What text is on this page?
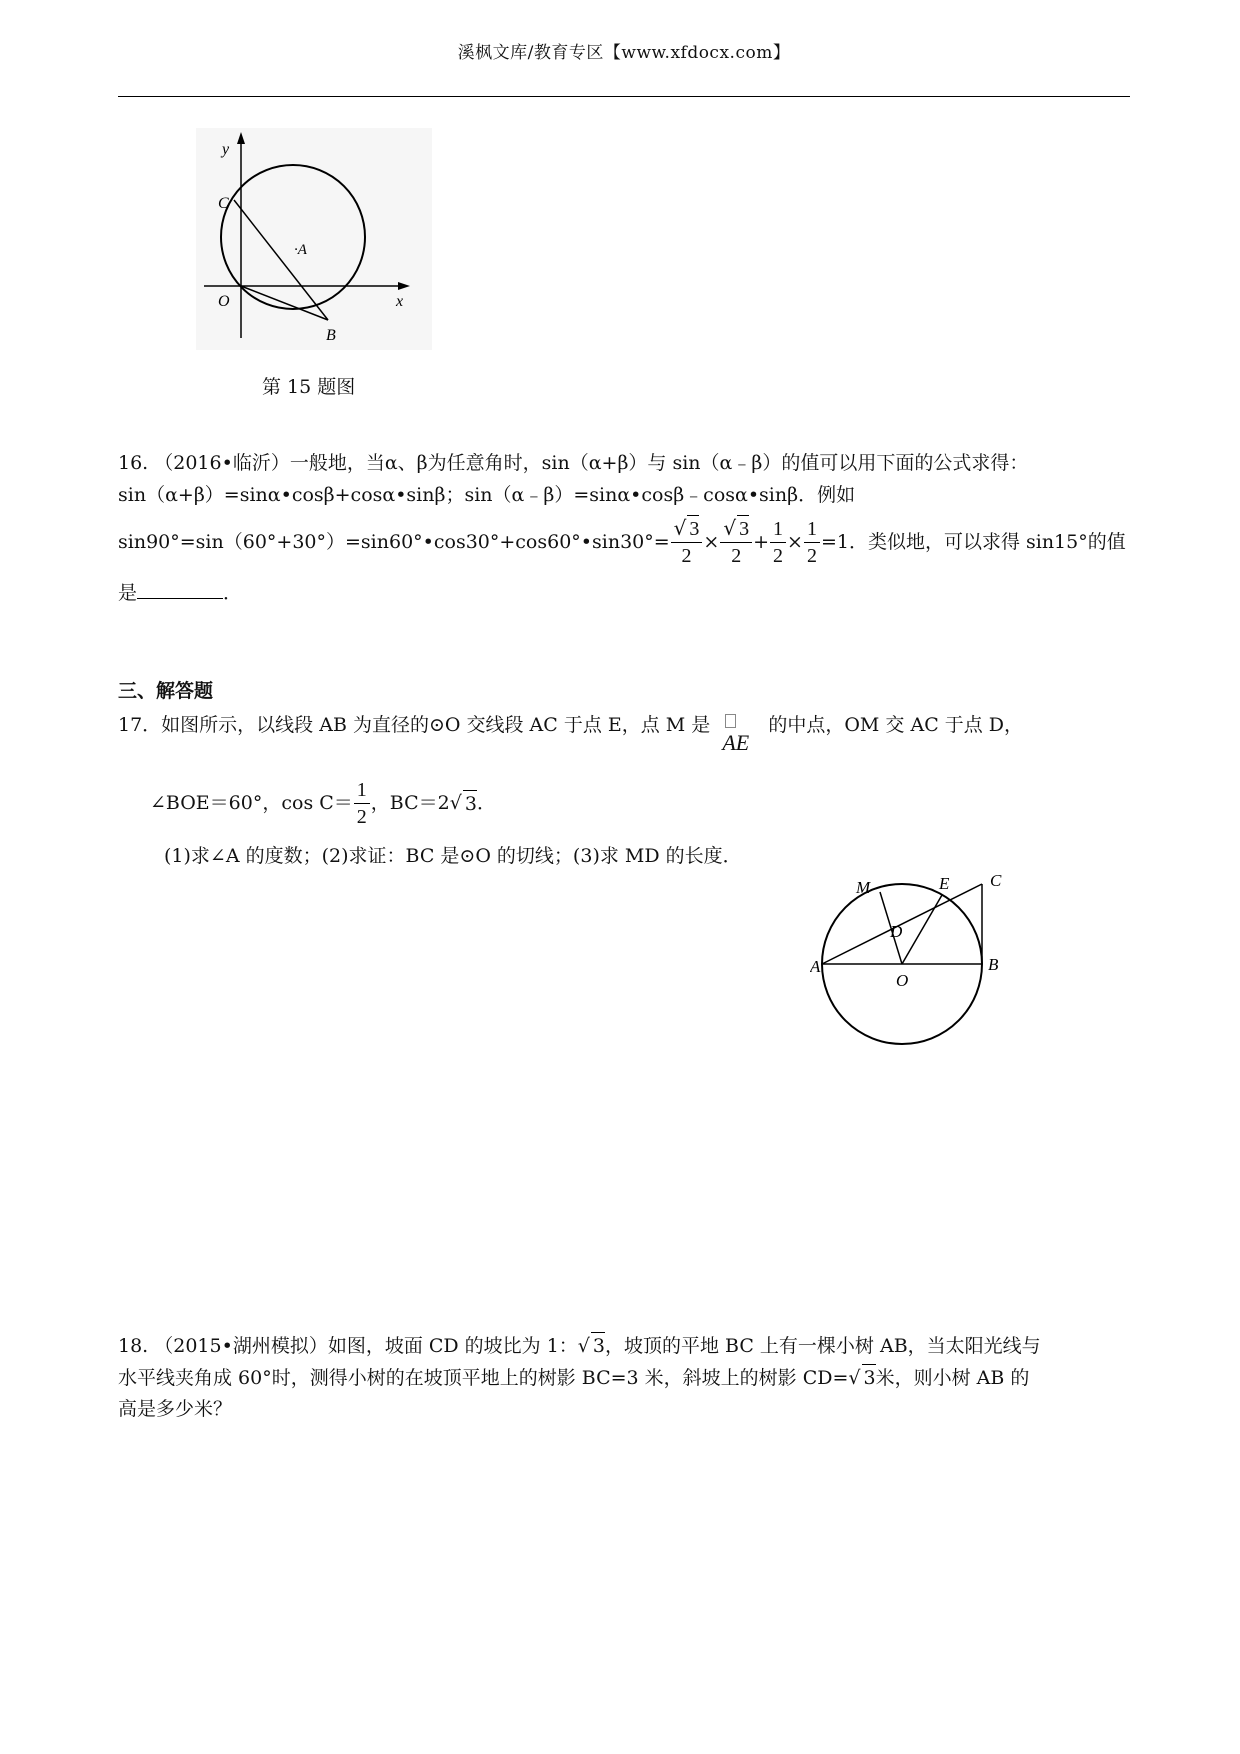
溪枫文库/教育专区【www.xfdocx.com】
y
x
C
·A
O
B
第 15 题图
16. （2016•临沂）一般地，当α、β为任意角时，sin（α+β）与 sin（α﹣β）的值可以用下面的公式求得：
sin（α+β）=sinα•cosβ+cosα•sinβ；sin（α﹣β）=sinα•cosβ﹣cosα•sinβ．例如
sin90°=sin（60°+30°）=sin60°•cos30°+cos60°•sin30°= $\frac{√ 3}{2} \times \frac{√ 3}{2} + \frac{1}{2} \times \frac{1}{2} =1$．类似地，可以求得 sin15°的值
是	．
三、解答题
17．如图所示，以线段 AB 为直径的⊙O 交线段 AC 于点 E，点 M 是
AE
的中点，OM 交 AC 于点 D，
∠BOE＝60°，$\cos C= \frac{1}{2}$ ，BC＝2 √ 3 ．
(1)求∠A 的度数；(2)求证：BC 是⊙O 的切线；(3)求 MD 的长度．
M	E C
D
A
O
B
18. （2015•湖州模拟）如图，坡面 CD 的坡比为 1：√ 3，坡顶的平地 BC 上有一棵小树 AB，当太阳光线与
水平线夹角成 60°时，测得小树的在坡顶平地上的树影 BC=3 米，斜坡上的树影 CD=√ 3米，则小树 AB 的
高是多少米？
